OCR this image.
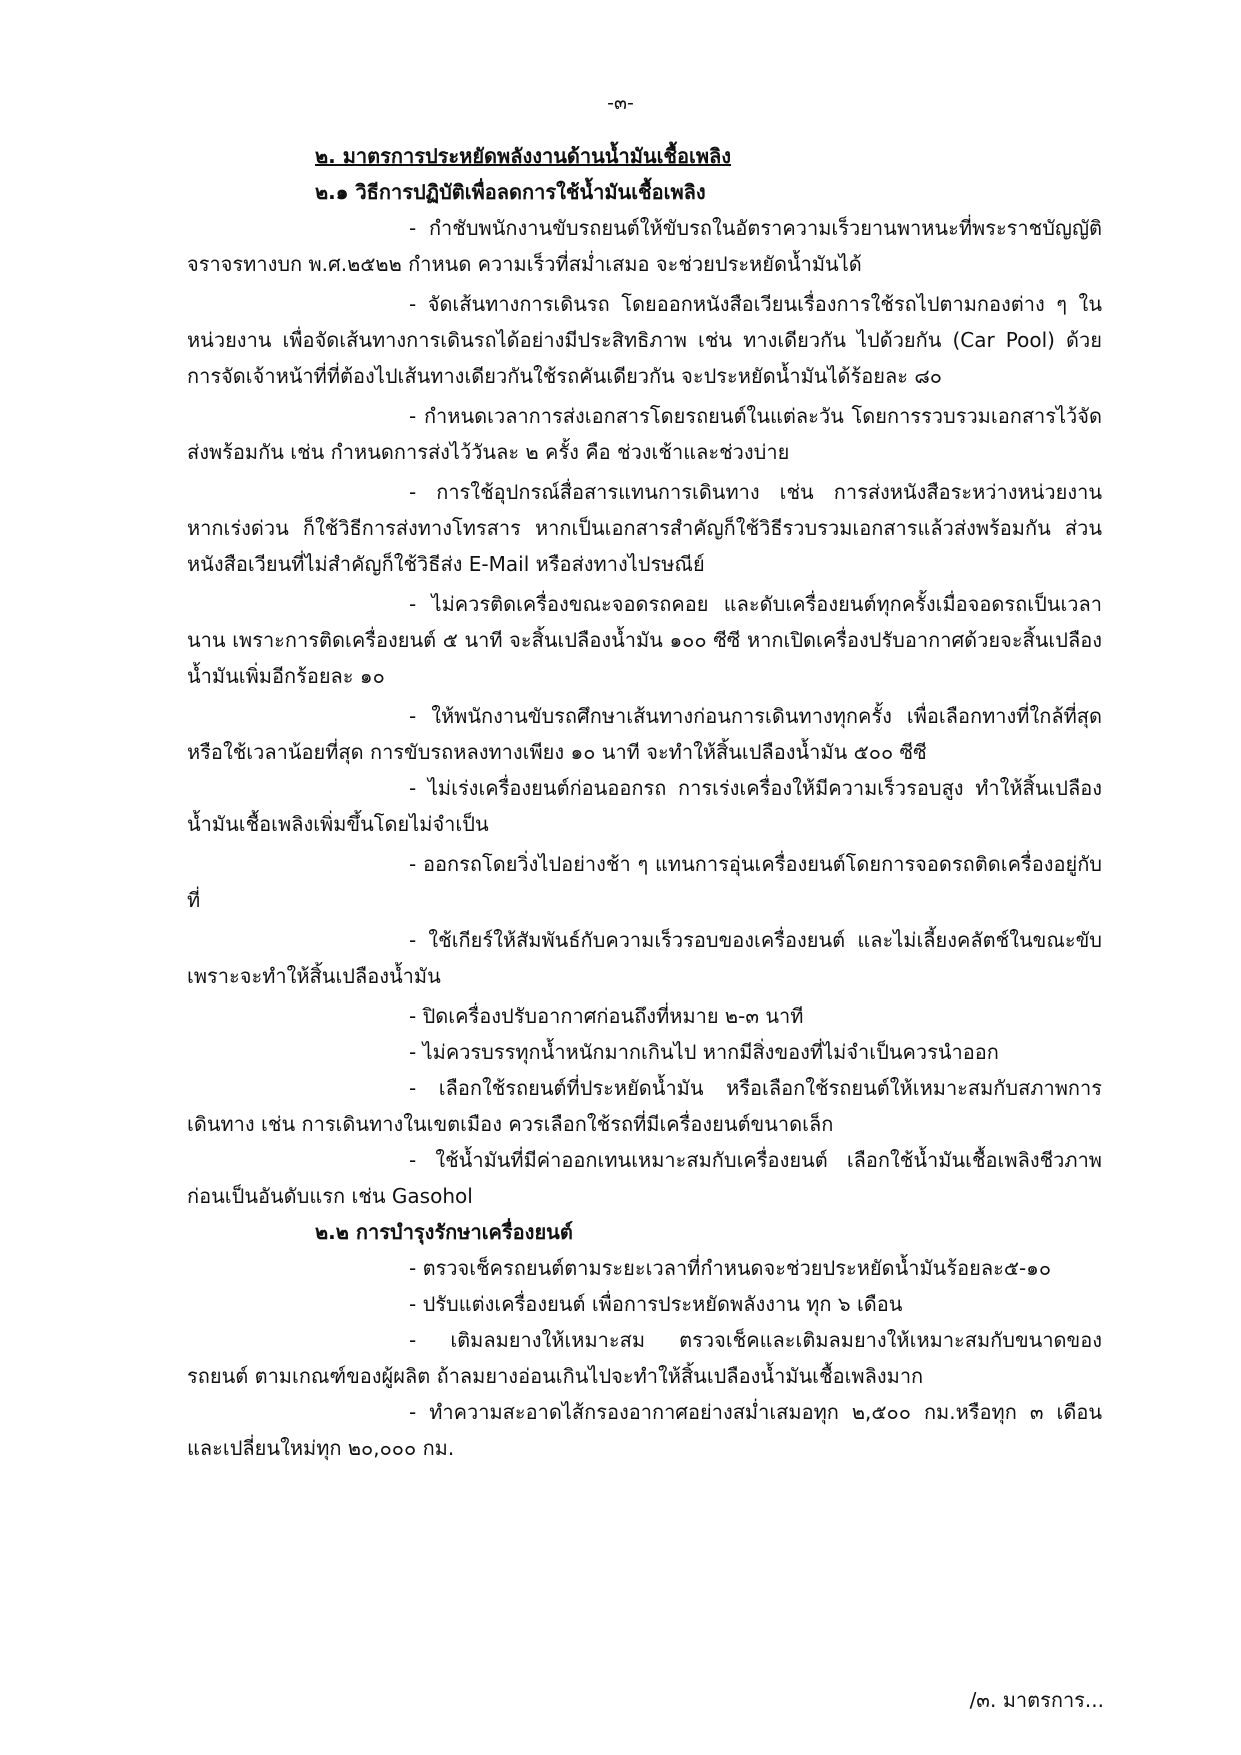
-๓-

๒. มาตรการประหยัดพลังงานด้านน้ำมันเชื้อเพลิง

๒.๑ วิธีการปฏิบัติเพื่อลดการใช้น้ำมันเชื้อเพลิง

- กำชับพนักงานขับรถยนต์ให้ขับรถในอัตราความเร็วยานพาหนะที่พระราชบัญญัติจราจรทางบก พ.ศ.๒๕๒๒ กำหนด ความเร็วที่สม่ำเสมอ จะช่วยประหยัดน้ำมันได้

- จัดเส้นทางการเดินรถ โดยออกหนังสือเวียนเรื่องการใช้รถไปตามกองต่าง ๆ ในหน่วยงาน เพื่อจัดเส้นทางการเดินรถได้อย่างมีประสิทธิภาพ เช่น ทางเดียวกัน ไปด้วยกัน (Car Pool) ด้วยการจัดเจ้าหน้าที่ที่ต้องไปเส้นทางเดียวกันใช้รถคันเดียวกัน จะประหยัดน้ำมันได้ร้อยละ ๘๐

- กำหนดเวลาการส่งเอกสารโดยรถยนต์ในแต่ละวัน โดยการรวบรวมเอกสารไว้จัดส่งพร้อมกัน เช่น กำหนดการส่งไว้วันละ ๒ ครั้ง คือ ช่วงเช้าและช่วงบ่าย

- การใช้อุปกรณ์สื่อสารแทนการเดินทาง เช่น การส่งหนังสือระหว่างหน่วยงาน หากเร่งด่วน ก็ใช้วิธีการส่งทางโทรสาร หากเป็นเอกสารสำคัญก็ใช้วิธีรวบรวมเอกสารแล้วส่งพร้อมกัน ส่วนหนังสือเวียนที่ไม่สำคัญก็ใช้วิธีส่ง E-Mail หรือส่งทางไปรษณีย์

- ไม่ควรติดเครื่องขณะจอดรถคอย และดับเครื่องยนต์ทุกครั้งเมื่อจอดรถเป็นเวลานาน เพราะการติดเครื่องยนต์ ๕ นาที จะสิ้นเปลืองน้ำมัน ๑๐๐ ซีซี หากเปิดเครื่องปรับอากาศด้วยจะสิ้นเปลืองน้ำมันเพิ่มอีกร้อยละ ๑๐

- ให้พนักงานขับรถศึกษาเส้นทางก่อนการเดินทางทุกครั้ง เพื่อเลือกทางที่ใกล้ที่สุดหรือใช้เวลาน้อยที่สุด การขับรถหลงทางเพียง ๑๐ นาที จะทำให้สิ้นเปลืองน้ำมัน ๕๐๐ ซีซี

- ไม่เร่งเครื่องยนต์ก่อนออกรถ การเร่งเครื่องให้มีความเร็วรอบสูง ทำให้สิ้นเปลืองน้ำมันเชื้อเพลิงเพิ่มขึ้นโดยไม่จำเป็น

- ออกรถโดยวิ่งไปอย่างช้า ๆ แทนการอุ่นเครื่องยนต์โดยการจอดรถติดเครื่องอยู่กับที่

- ใช้เกียร์ให้สัมพันธ์กับความเร็วรอบของเครื่องยนต์ และไม่เลี้ยงคลัตช์ในขณะขับเพราะจะทำให้สิ้นเปลืองน้ำมัน

- ปิดเครื่องปรับอากาศก่อนถึงที่หมาย ๒-๓ นาที

- ไม่ควรบรรทุกน้ำหนักมากเกินไป หากมีสิ่งของที่ไม่จำเป็นควรนำออก

- เลือกใช้รถยนต์ที่ประหยัดน้ำมัน หรือเลือกใช้รถยนต์ให้เหมาะสมกับสภาพการเดินทาง เช่น การเดินทางในเขตเมือง ควรเลือกใช้รถที่มีเครื่องยนต์ขนาดเล็ก

- ใช้น้ำมันที่มีค่าออกเทนเหมาะสมกับเครื่องยนต์ เลือกใช้น้ำมันเชื้อเพลิงชีวภาพก่อนเป็นอันดับแรก เช่น Gasohol

๒.๒ การบำรุงรักษาเครื่องยนต์

- ตรวจเช็ครถยนต์ตามระยะเวลาที่กำหนดจะช่วยประหยัดน้ำมันร้อยละ๕-๑๐

- ปรับแต่งเครื่องยนต์ เพื่อการประหยัดพลังงาน ทุก ๖ เดือน

- เติมลมยางให้เหมาะสม ตรวจเช็คและเติมลมยางให้เหมาะสมกับขนาดของรถยนต์ ตามเกณฑ์ของผู้ผลิต ถ้าลมยางอ่อนเกินไปจะทำให้สิ้นเปลืองน้ำมันเชื้อเพลิงมาก

- ทำความสะอาดไส้กรองอากาศอย่างสม่ำเสมอทุก ๒,๕๐๐ กม.หรือทุก ๓ เดือนและเปลี่ยนใหม่ทุก ๒๐,๐๐๐ กม.

/๓. มาตรการ...
